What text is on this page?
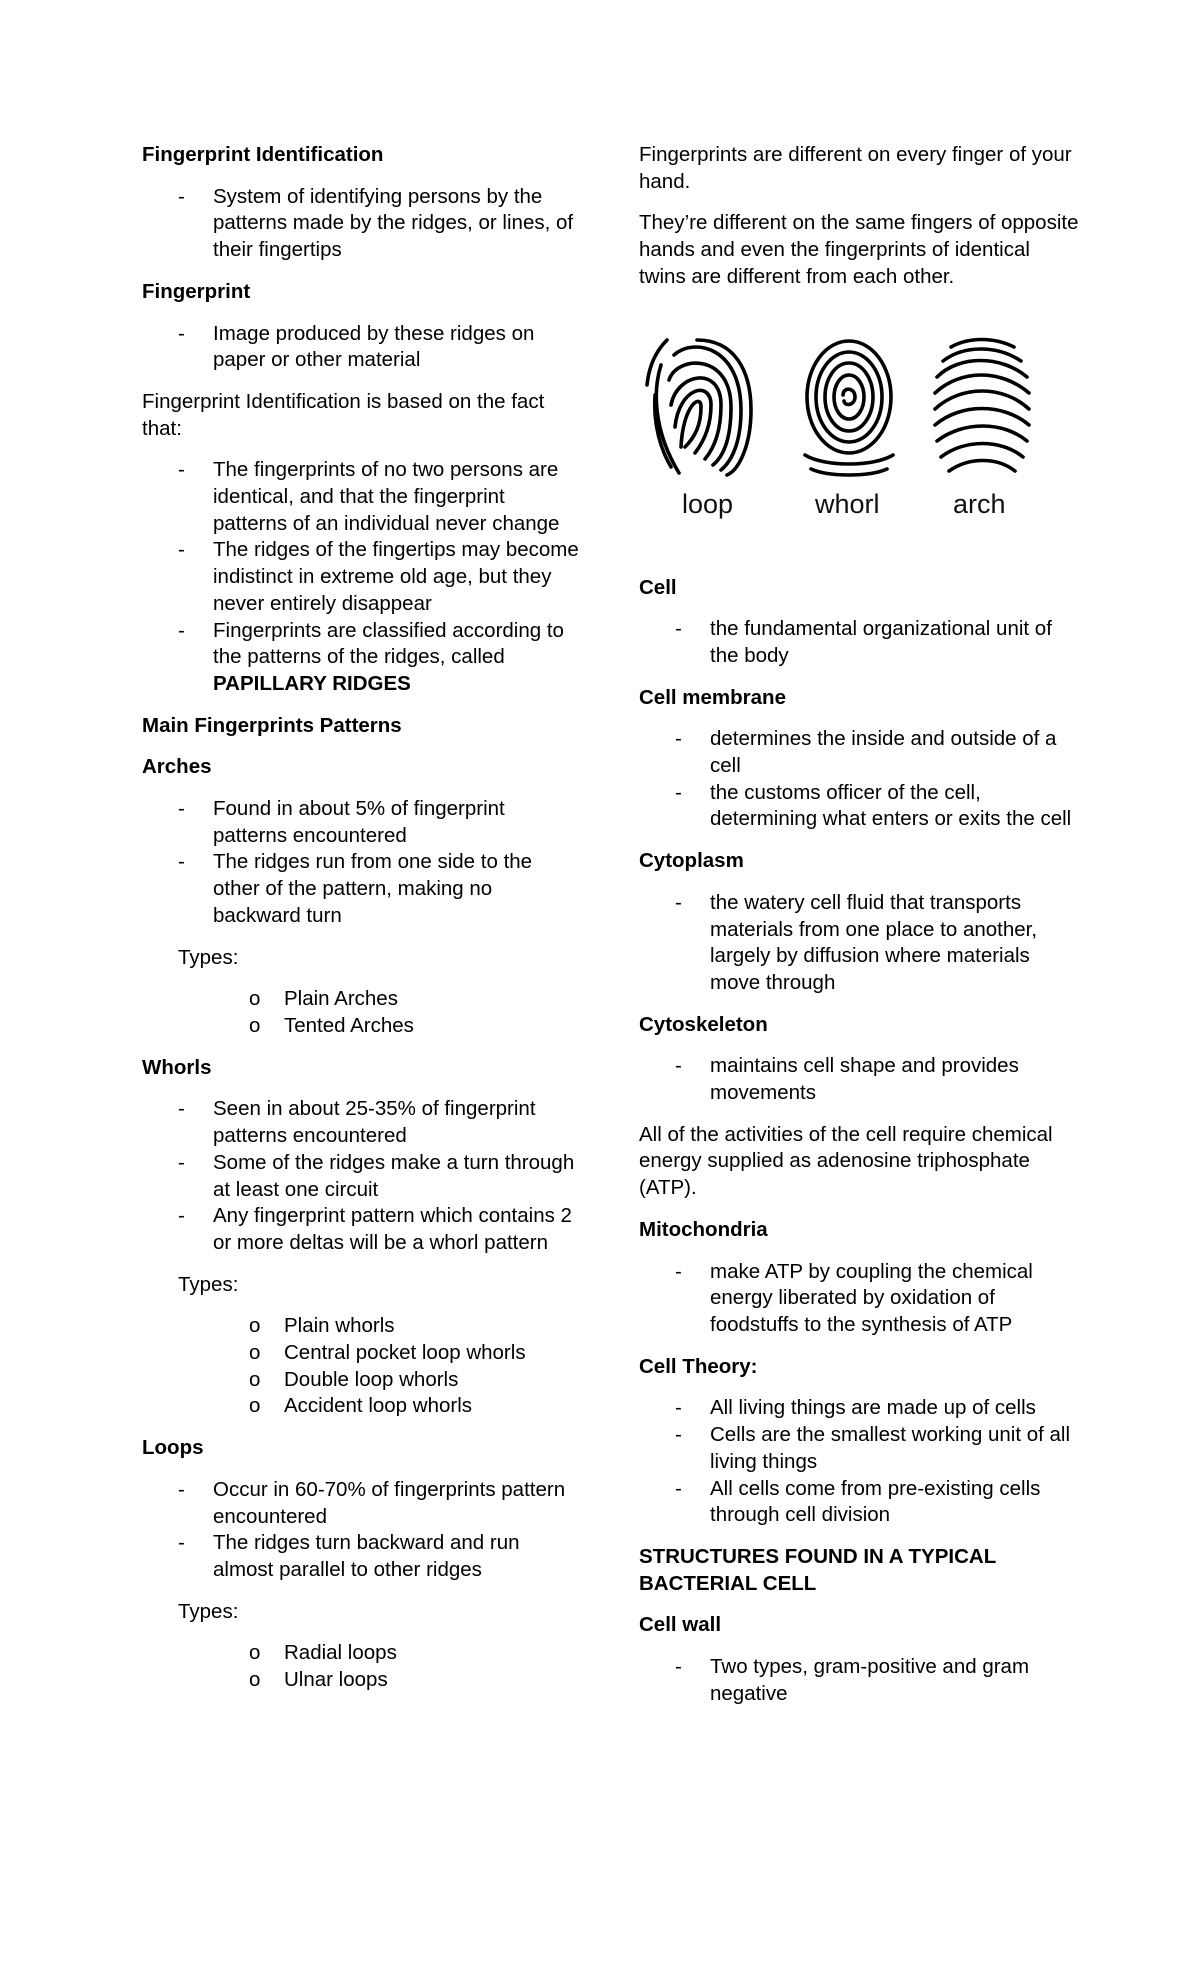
Fingerprint Identification
- System of identifying persons by the patterns made by the ridges, or lines, of their fingertips
Fingerprint
- Image produced by these ridges on paper or other material

Fingerprint Identification is based on the fact that:

- The fingerprints of no two persons are identical, and that the fingerprint patterns of an individual never change
- The ridges of the fingertips may become indistinct in extreme old age, but they never entirely disappear
- Fingerprints are classified according to the patterns of the ridges, called PAPILLARY RIDGES
Main Fingerprints Patterns
Arches
- Found in about 5% of fingerprint patterns encountered
- The ridges run from one side to the other of the pattern, making no backward turn
Types:
o Plain Arches
o Tented Arches
Whorls
- Seen in about 25-35% of fingerprint patterns encountered
- Some of the ridges make a turn through at least one circuit
- Any fingerprint pattern which contains 2 or more deltas will be a whorl pattern
Types:
o Plain whorls
o Central pocket loop whorls
o Double loop whorls
o Accident loop whorls
Loops
- Occur in 60-70% of fingerprints pattern encountered
- The ridges turn backward and run almost parallel to other ridges
Types:
o Radial loops
o Ulnar loops

Fingerprints are different on every finger of your hand.

They’re different on the same fingers of opposite hands and even the fingerprints of identical twins are different from each other.

loop	whorl	arch
Cell
- the fundamental organizational unit of the body
Cell membrane
- determines the inside and outside of a cell
- the customs officer of the cell, determining what enters or exits the cell
Cytoplasm
- the watery cell fluid that transports materials from one place to another, largely by diffusion where materials move through
Cytoskeleton
- maintains cell shape and provides movements

All of the activities of the cell require chemical energy supplied as adenosine triphosphate (ATP).

Mitochondria
- make ATP by coupling the chemical energy liberated by oxidation of foodstuffs to the synthesis of ATP
Cell Theory:
- All living things are made up of cells
- Cells are the smallest working unit of all living things
- All cells come from pre-existing cells through cell division
STRUCTURES FOUND IN A TYPICAL BACTERIAL CELL
Cell wall
- Two types, gram-positive and gram negative
